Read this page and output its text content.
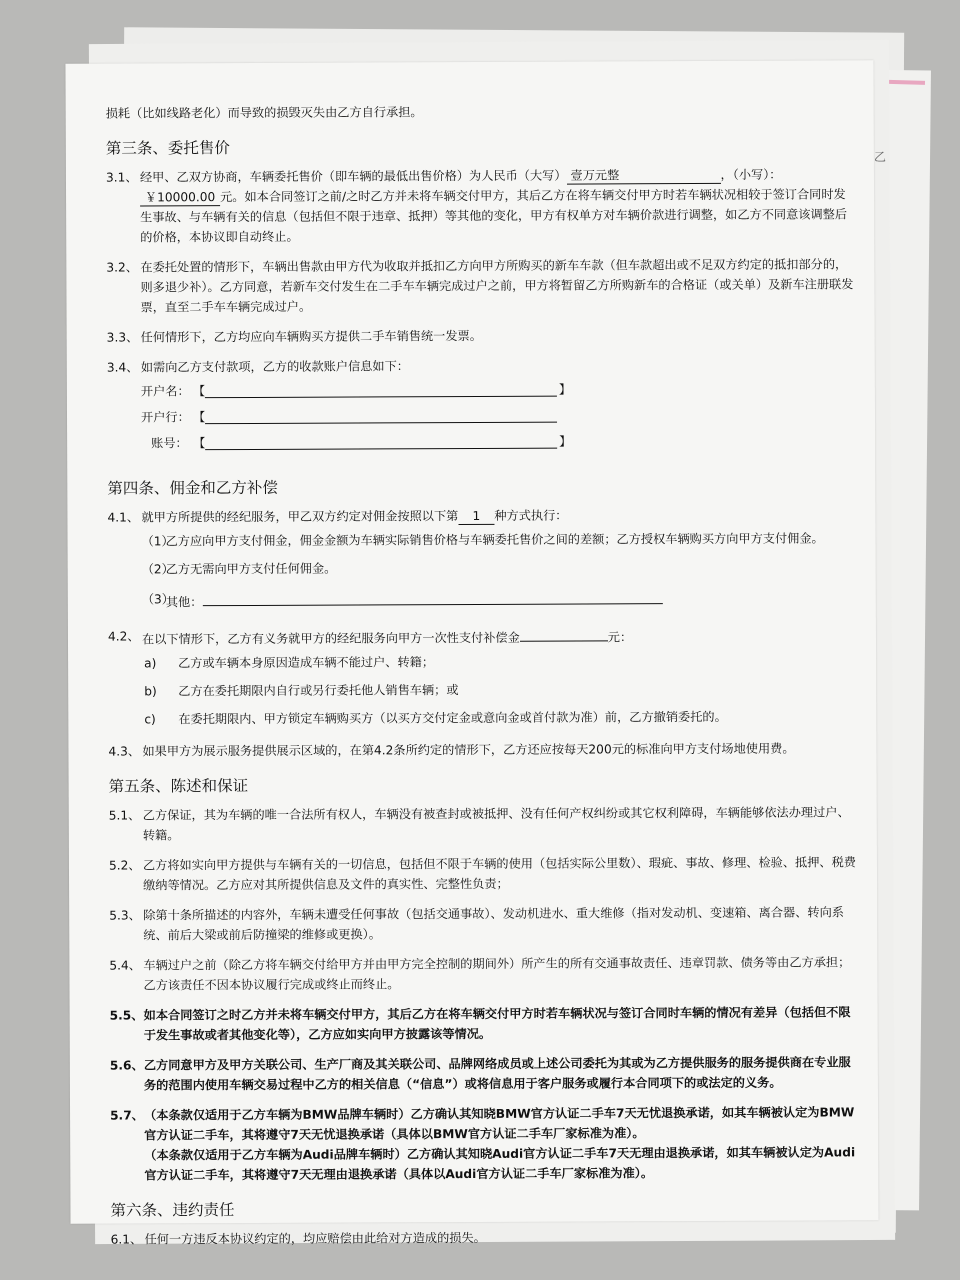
乙

损耗（比如线路老化）而导致的损毁灭失由乙方自行承担。

第三条、委托售价
3.1、 经甲、乙双方协商，车辆委托售价（即车辆的最低出售价格）为人民币（大写） 壹万元整	，（小写）：
￥10000.00 元。如本合同签订之前/之时乙方并未将车辆交付甲方，其后乙方在将车辆交付甲方时若车辆状况相较于签订合同时发生事故、与车辆有关的信息（包括但不限于违章、抵押）等其他的变化，甲方有权单方对车辆价款进行调整，如乙方不同意该调整后的价格，本协议即自动终止。
3.2、 在委托处置的情形下，车辆出售款由甲方代为收取并抵扣乙方向甲方所购买的新车车款（但车款超出或不足双方约定的抵扣部分的，则多退少补）。乙方同意，若新车交付发生在二手车车辆完成过户之前，甲方将暂留乙方所购新车的合格证（或关单）及新车注册联发票，直至二手车车辆完成过户。
3.3、 任何情形下，乙方均应向车辆购买方提供二手车销售统一发票。
3.4、 如需向乙方支付款项，乙方的收款账户信息如下：
开户名： 【	】
开户行： 【
账号： 【	】
第四条、佣金和乙方补偿
4.1、 就甲方所提供的经纪服务，甲乙双方约定对佣金按照以下第 1 种方式执行：
（1）
乙方应向甲方支付佣金，佣金金额为车辆实际销售价格与车辆委托售价之间的差额；乙方授权车辆购买方向甲方支付佣金。
（2）
乙方无需向甲方支付任何佣金。
（3）
其他：
4.2、 在以下情形下，乙方有义务就甲方的经纪服务向甲方一次性支付补偿金	元：
a) 乙方或车辆本身原因造成车辆不能过户、转籍；
b) 乙方在委托期限内自行或另行委托他人销售车辆；或
c) 在委托期限内、甲方锁定车辆购买方（以买方交付定金或意向金或首付款为准）前，乙方撤销委托的。
4.3、 如果甲方为展示服务提供展示区域的，在第4.2条所约定的情形下，乙方还应按每天200元的标准向甲方支付场地使用费。
第五条、陈述和保证
5.1、 乙方保证，其为车辆的唯一合法所有权人，车辆没有被查封或被抵押、没有任何产权纠纷或其它权利障碍，车辆能够依法办理过户、转籍。
5.2、 乙方将如实向甲方提供与车辆有关的一切信息，包括但不限于车辆的使用（包括实际公里数）、瑕疵、事故、修理、检验、抵押、税费缴纳等情况。乙方应对其所提供信息及文件的真实性、完整性负责；
5.3、 除第十条所描述的内容外，车辆未遭受任何事故（包括交通事故）、发动机进水、重大维修（指对发动机、变速箱、离合器、转向系统、前后大梁或前后防撞梁的维修或更换）。
5.4、 车辆过户之前（除乙方将车辆交付给甲方并由甲方完全控制的期间外）所产生的所有交通事故责任、违章罚款、债务等由乙方承担；乙方该责任不因本协议履行完成或终止而终止。
5.5、 如本合同签订之时乙方并未将车辆交付甲方，其后乙方在将车辆交付甲方时若车辆状况与签订合同时车辆的情况有差异（包括但不限于发生事故或者其他变化等），乙方应如实向甲方披露该等情况。
5.6、 乙方同意甲方及甲方关联公司、生产厂商及其关联公司、品牌网络成员或上述公司委托为其或为乙方提供服务的服务提供商在专业服务的范围内使用车辆交易过程中乙方的相关信息（“信息”）或将信息用于客户服务或履行本合同项下的或法定的义务。
5.7、 （本条款仅适用于乙方车辆为BMW品牌车辆时）乙方确认其知晓BMW官方认证二手车7天无忧退换承诺，如其车辆被认定为BMW官方认证二手车，其将遵守7天无忧退换承诺（具体以BMW官方认证二手车厂家标准为准）。
（本条款仅适用于乙方车辆为Audi品牌车辆时）乙方确认其知晓Audi官方认证二手车7天无理由退换承诺，如其车辆被认定为Audi官方认证二手车，其将遵守7天无理由退换承诺（具体以Audi官方认证二手车厂家标准为准）。
第六条、违约责任
6.1、 任何一方违反本协议约定的，均应赔偿由此给对方造成的损失。
